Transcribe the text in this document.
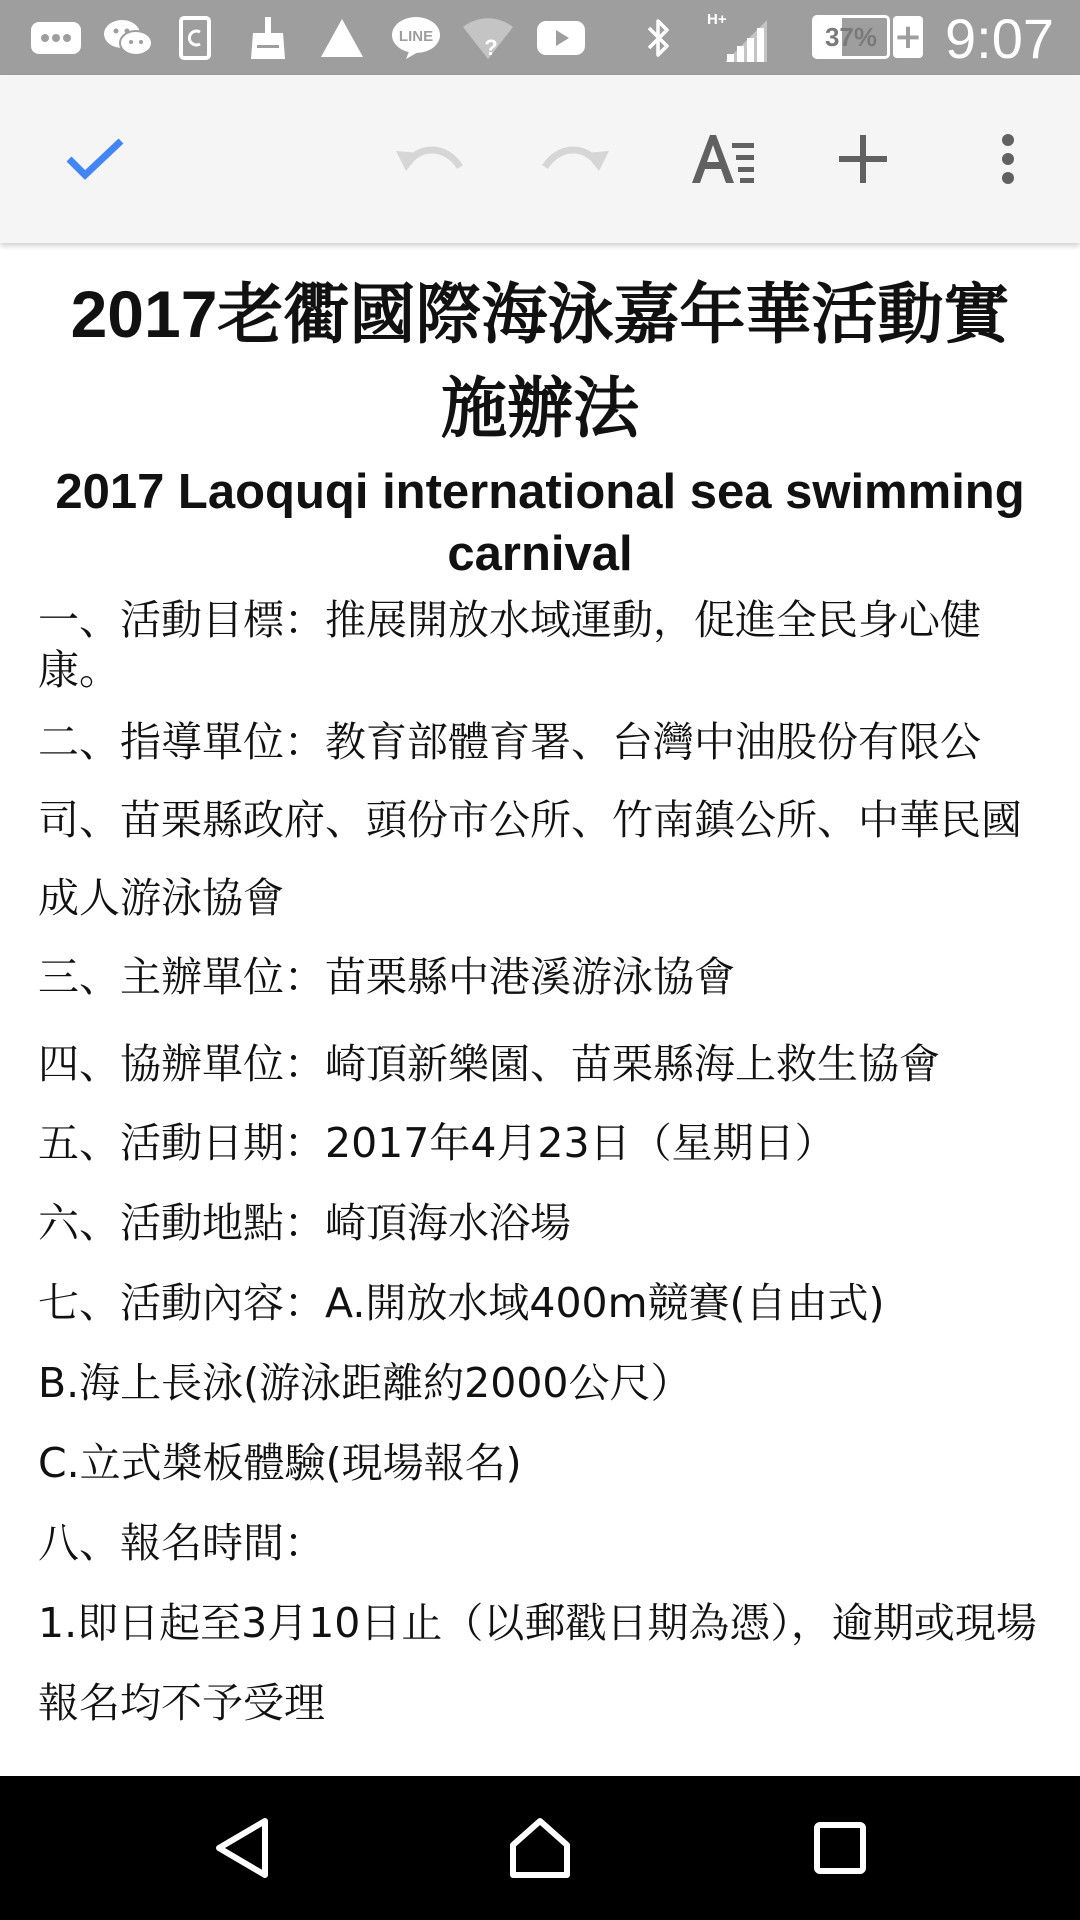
LINE ?
H+
37% + 9:07
2017老衢國際海泳嘉年華活動實施辦法
2017 Laoquqi international sea swimming carnival

一、活動目標：推展開放水域運動，促進全民身心健康。

二、指導單位：教育部體育署、台灣中油股份有限公司、苗栗縣政府、頭份市公所、竹南鎮公所、中華民國成人游泳協會

三、主辦單位：苗栗縣中港溪游泳協會

四、協辦單位：崎頂新樂園、苗栗縣海上救生協會

五、活動日期：2017年4月23日（星期日）

六、活動地點：崎頂海水浴場

七、活動內容：A.開放水域400m競賽(自由式)

B.海上長泳(游泳距離約2000公尺）

C.立式槳板體驗(現場報名)

八、報名時間：

1.即日起至3月10日止（以郵戳日期為憑），逾期或現場報名均不予受理
